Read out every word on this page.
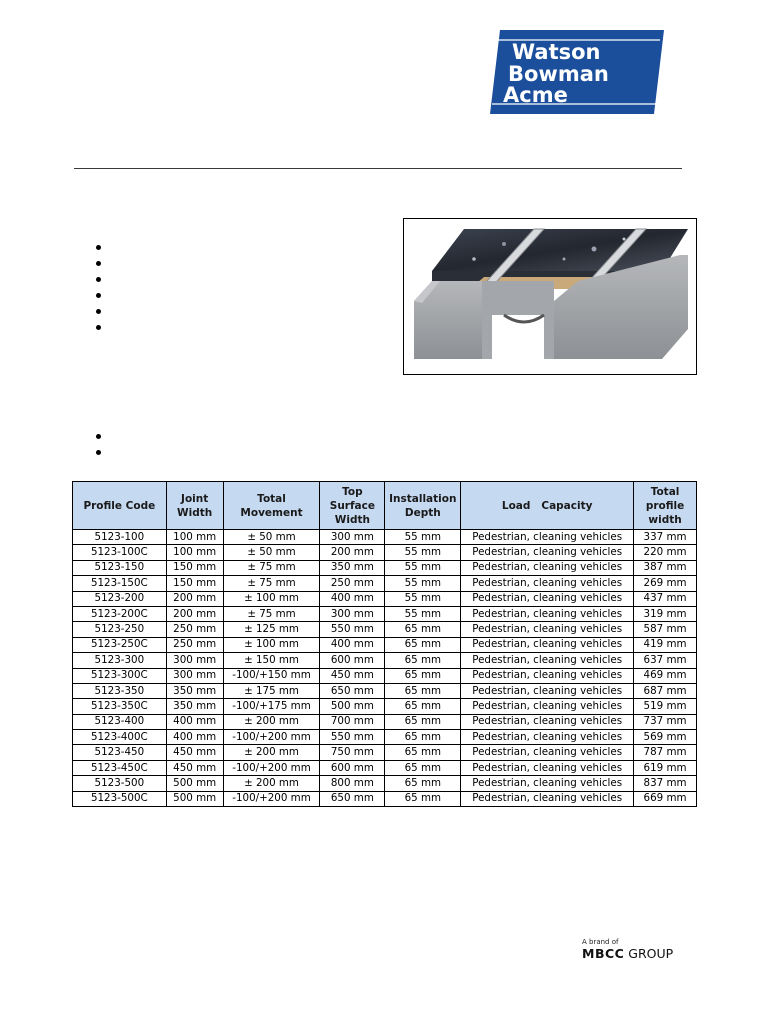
Watson
Bowman
Acme
®
Profile Code	Joint Width	Total Movement	Top Surface Width	Installation Depth	Load   Capacity	Total profile width
5123-100	100 mm	± 50 mm	300 mm	55 mm	Pedestrian, cleaning vehicles	337 mm
5123-100C	100 mm	± 50 mm	200 mm	55 mm	Pedestrian, cleaning vehicles	220 mm
5123-150	150 mm	± 75 mm	350 mm	55 mm	Pedestrian, cleaning vehicles	387 mm
5123-150C	150 mm	± 75 mm	250 mm	55 mm	Pedestrian, cleaning vehicles	269 mm
5123-200	200 mm	± 100 mm	400 mm	55 mm	Pedestrian, cleaning vehicles	437 mm
5123-200C	200 mm	± 75 mm	300 mm	55 mm	Pedestrian, cleaning vehicles	319 mm
5123-250	250 mm	± 125 mm	550 mm	65 mm	Pedestrian, cleaning vehicles	587 mm
5123-250C	250 mm	± 100 mm	400 mm	65 mm	Pedestrian, cleaning vehicles	419 mm
5123-300	300 mm	± 150 mm	600 mm	65 mm	Pedestrian, cleaning vehicles	637 mm
5123-300C	300 mm	-100/+150 mm	450 mm	65 mm	Pedestrian, cleaning vehicles	469 mm
5123-350	350 mm	± 175 mm	650 mm	65 mm	Pedestrian, cleaning vehicles	687 mm
5123-350C	350 mm	-100/+175 mm	500 mm	65 mm	Pedestrian, cleaning vehicles	519 mm
5123-400	400 mm	± 200 mm	700 mm	65 mm	Pedestrian, cleaning vehicles	737 mm
5123-400C	400 mm	-100/+200 mm	550 mm	65 mm	Pedestrian, cleaning vehicles	569 mm
5123-450	450 mm	± 200 mm	750 mm	65 mm	Pedestrian, cleaning vehicles	787 mm
5123-450C	450 mm	-100/+200 mm	600 mm	65 mm	Pedestrian, cleaning vehicles	619 mm
5123-500	500 mm	± 200 mm	800 mm	65 mm	Pedestrian, cleaning vehicles	837 mm
5123-500C	500 mm	-100/+200 mm	650 mm	65 mm	Pedestrian, cleaning vehicles	669 mm
A brand of
MBCC GROUP
